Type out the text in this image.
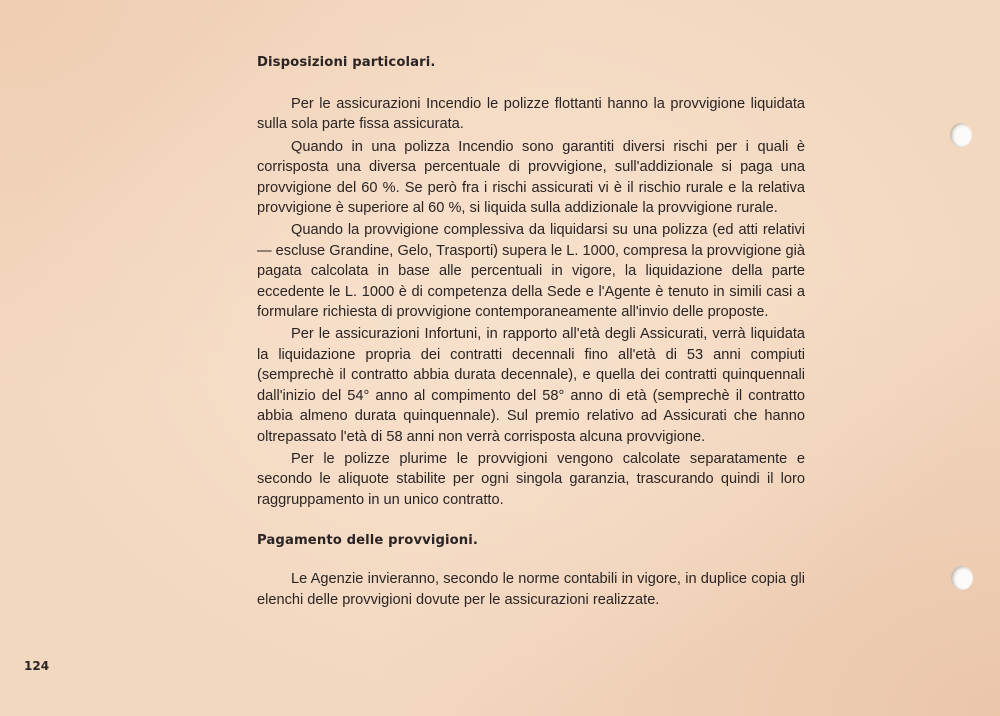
Disposizioni particolari.

Per le assicurazioni Incendio le polizze flottanti hanno la provvigione liquidata sulla sola parte fissa assicurata.

Quando in una polizza Incendio sono garantiti diversi rischi per i quali è corrisposta una diversa percentuale di provvigione, sull'addizionale si paga una provvigione del 60 %. Se però fra i rischi assicurati vi è il rischio rurale e la relativa provvigione è superiore al 60 %, si liquida sulla addizionale la provvigione rurale.

Quando la provvigione complessiva da liquidarsi su una polizza (ed atti relativi — escluse Grandine, Gelo, Trasporti) supera le L. 1000, compresa la provvigione già pagata calcolata in base alle percentuali in vigore, la liquidazione della parte eccedente le L. 1000 è di competenza della Sede e l'Agente è tenuto in simili casi a formulare richiesta di provvigione contemporaneamente all'invio delle proposte.

Per le assicurazioni Infortuni, in rapporto all'età degli Assicurati, verrà liquidata la liquidazione propria dei contratti decennali fino all'età di 53 anni compiuti (semprechè il contratto abbia durata decennale), e quella dei contratti quinquennali dall'inizio del 54° anno al compimento del 58° anno di età (semprechè il contratto abbia almeno durata quinquennale). Sul premio relativo ad Assicurati che hanno oltrepassato l'età di 58 anni non verrà corrisposta alcuna provvigione.

Per le polizze plurime le provvigioni vengono calcolate separatamente e secondo le aliquote stabilite per ogni singola garanzia, trascurando quindi il loro raggruppamento in un unico contratto.

Pagamento delle provvigioni.

Le Agenzie invieranno, secondo le norme contabili in vigore, in duplice copia gli elenchi delle provvigioni dovute per le assicurazioni realizzate.

124
